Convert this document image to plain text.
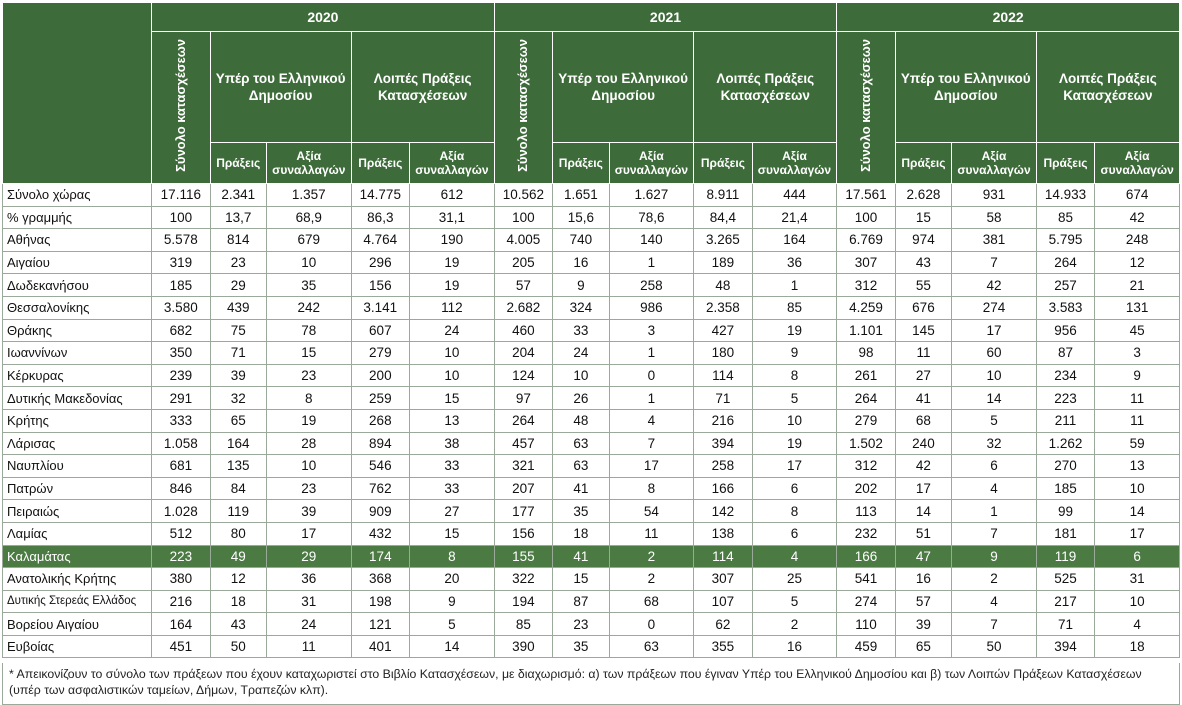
	2020					2021					2022				
	Σύνολο κατασχέσεων	Υπέρ του Ελληνικού Δημοσίου		Λοιπές Πράξεις Κατασχέσεων		Σύνολο κατασχέσεων	Υπέρ του Ελληνικού Δημοσίου		Λοιπές Πράξεις Κατασχέσεων		Σύνολο κατασχέσεων	Υπέρ του Ελληνικού Δημοσίου		Λοιπές Πράξεις Κατασχέσεων	
		Πράξεις	Αξία συναλλαγών	Πράξεις	Αξία συναλλαγών		Πράξεις	Αξία συναλλαγών	Πράξεις	Αξία συναλλαγών		Πράξεις	Αξία συναλλαγών	Πράξεις	Αξία συναλλαγών
Σύνολο χώρας	17.116	2.341	1.357	14.775	612	10.562	1.651	1.627	8.911	444	17.561	2.628	931	14.933	674
% γραμμής	100	13,7	68,9	86,3	31,1	100	15,6	78,6	84,4	21,4	100	15	58	85	42
Αθήνας	5.578	814	679	4.764	190	4.005	740	140	3.265	164	6.769	974	381	5.795	248
Αιγαίου	319	23	10	296	19	205	16	1	189	36	307	43	7	264	12
Δωδεκανήσου	185	29	35	156	19	57	9	258	48	1	312	55	42	257	21
Θεσσαλονίκης	3.580	439	242	3.141	112	2.682	324	986	2.358	85	4.259	676	274	3.583	131
Θράκης	682	75	78	607	24	460	33	3	427	19	1.101	145	17	956	45
Ιωαννίνων	350	71	15	279	10	204	24	1	180	9	98	11	60	87	3
Κέρκυρας	239	39	23	200	10	124	10	0	114	8	261	27	10	234	9
Δυτικής Μακεδονίας	291	32	8	259	15	97	26	1	71	5	264	41	14	223	11
Κρήτης	333	65	19	268	13	264	48	4	216	10	279	68	5	211	11
Λάρισας	1.058	164	28	894	38	457	63	7	394	19	1.502	240	32	1.262	59
Ναυπλίου	681	135	10	546	33	321	63	17	258	17	312	42	6	270	13
Πατρών	846	84	23	762	33	207	41	8	166	6	202	17	4	185	10
Πειραιώς	1.028	119	39	909	27	177	35	54	142	8	113	14	1	99	14
Λαμίας	512	80	17	432	15	156	18	11	138	6	232	51	7	181	17
Καλαμάτας	223	49	29	174	8	155	41	2	114	4	166	47	9	119	6
Ανατολικής Κρήτης	380	12	36	368	20	322	15	2	307	25	541	16	2	525	31
Δυτικής Στερεάς Ελλάδος	216	18	31	198	9	194	87	68	107	5	274	57	4	217	10
Βορείου Αιγαίου	164	43	24	121	5	85	23	0	62	2	110	39	7	71	4
Ευβοίας	451	50	11	401	14	390	35	63	355	16	459	65	50	394	18
* Απεικονίζουν το σύνολο των πράξεων που έχουν καταχωριστεί στο Βιβλίο Κατασχέσεων, με διαχωρισμό: α) των πράξεων που έγιναν Υπέρ του Ελληνικού Δημοσίου και β) των Λοιπών Πράξεων Κατασχέσεων (υπέρ των ασφαλιστικών ταμείων, Δήμων, Τραπεζών κλπ).
